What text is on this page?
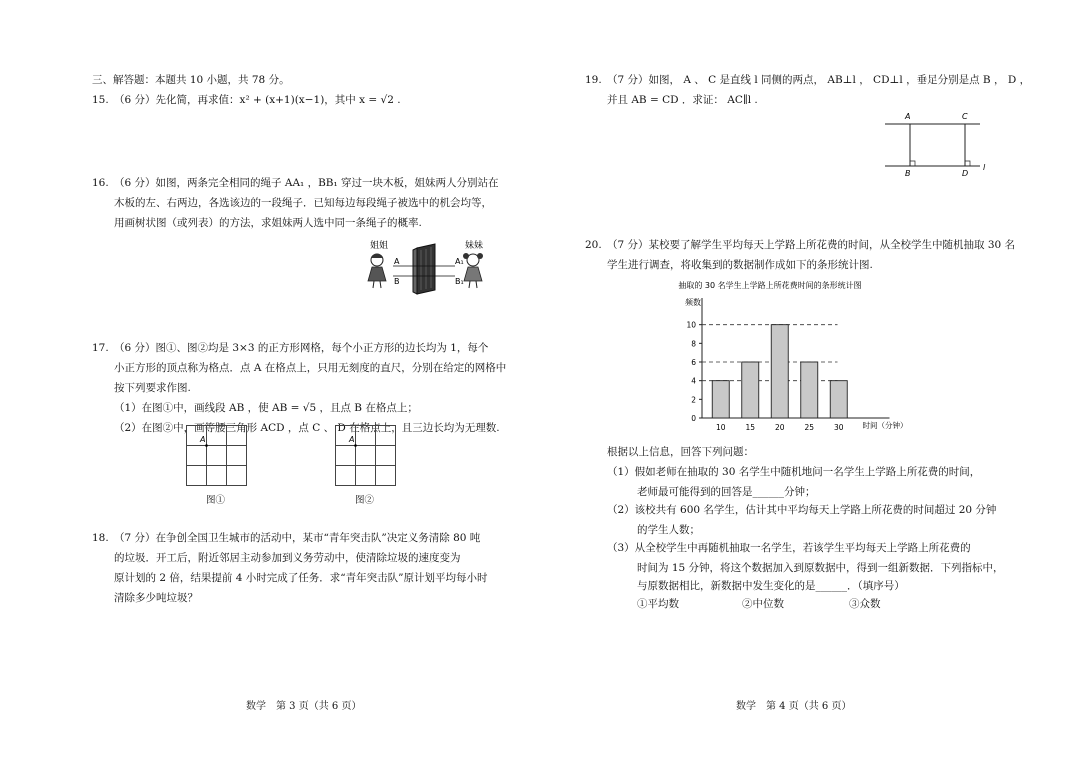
三、解答题：本题共 10 小题，共 78 分。
15. （6 分）先化简，再求值：x² + (x+1)(x−1)，其中 x = √2 .
16. （6 分）如图，两条完全相同的绳子 AA₁ ，BB₁ 穿过一块木板，姐妹两人分别站在
木板的左、右两边，各选该边的一段绳子．已知每边每段绳子被选中的机会均等，
用画树状图（或列表）的方法，求姐妹两人选中同一条绳子的概率.
姐姐	妹妹
A
B
A₁
B₁
17. （6 分）图①、图②均是 3×3 的正方形网格，每个小正方形的边长均为 1，每个
小正方形的顶点称为格点．点 A 在格点上，只用无刻度的直尺，分别在给定的网格中
按下列要求作图.
（1）在图①中，画线段 AB ，使 AB = √5 ，且点 B 在格点上；
（2）在图②中，画等腰三角形 ACD ，点 C 、 D 在格点上，且三边长均为无理数.
A
图①
A
图②
18. （7 分）在争创全国卫生城市的活动中，某市“青年突击队”决定义务清除 80 吨
的垃圾．开工后，附近邻居主动参加到义务劳动中，使清除垃圾的速度变为
原计划的 2 倍，结果提前 4 小时完成了任务．求“青年突击队”原计划平均每小时
清除多少吨垃圾？
数学　第 3 页（共 6 页）
19. （7 分）如图， A 、 C 是直线 l 同侧的两点， AB⊥l ， CD⊥l ，垂足分别是点 B ， D ，
并且 AB = CD ．求证： AC∥l .
A	C
B	D
l
20. （7 分）某校要了解学生平均每天上学路上所花费的时间，从全校学生中随机抽取 30 名
学生进行调查，将收集到的数据制作成如下的条形统计图.
抽取的 30 名学生上学路上所花费时间的条形统计图
频数
时间（分钟）
0
2
4
6
8
10
10	15	20	25	30
根据以上信息，回答下列问题：
（1）假如老师在抽取的 30 名学生中随机地问一名学生上学路上所花费的时间，
老师最可能得到的回答是______分钟；
（2）该校共有 600 名学生，估计其中平均每天上学路上所花费的时间超过 20 分钟
的学生人数；
（3）从全校学生中再随机抽取一名学生，若该学生平均每天上学路上所花费的
时间为 15 分钟，将这个数据加入到原数据中，得到一组新数据．下列指标中，
与原数据相比，新数据中发生变化的是______．（填序号）
①平均数	②中位数	③众数
数学　第 4 页（共 6 页）
